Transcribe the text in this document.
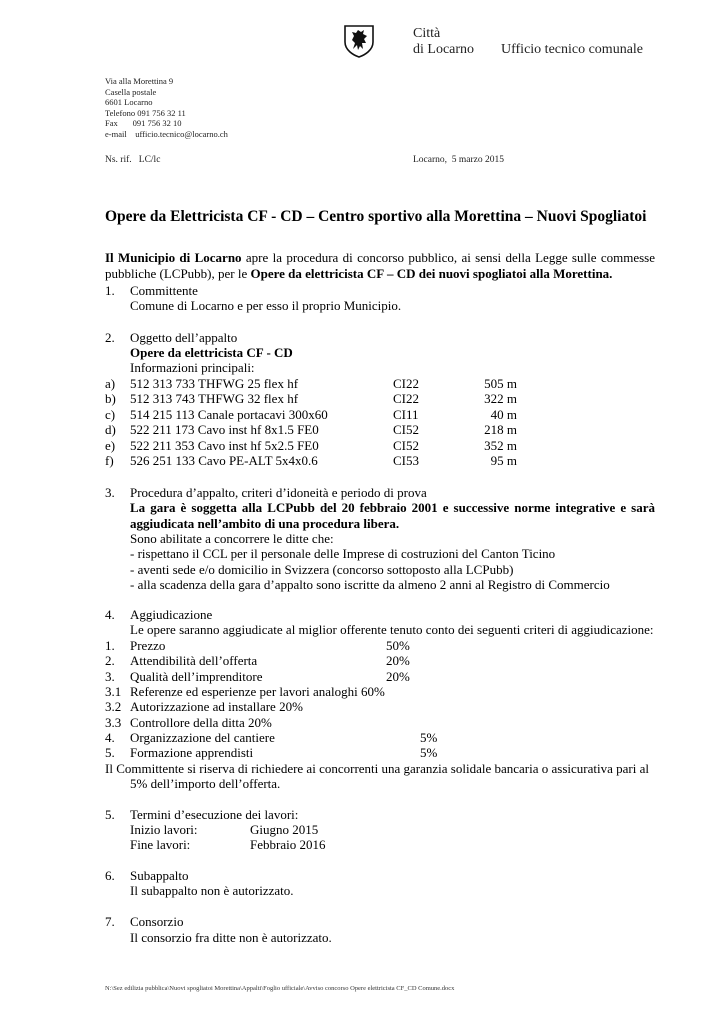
Città
di Locarno Ufficio tecnico comunale
Via alla Morettina 9
Casella postale
6601 Locarno
Telefono 091 756 32 11
Fax       091 756 32 10
e-mail    ufficio.tecnico@locarno.ch
Ns. rif.   LC/lc	Locarno,  5 marzo 2015
Opere da Elettricista CF - CD – Centro sportivo alla Morettina – Nuovi Spogliatoi
Il Municipio di Locarno apre la procedura di concorso pubblico, ai sensi della Legge sulle commesse pubbliche (LCPubb), per le Opere da elettricista CF – CD dei nuovi spogliatoi alla Morettina.
1. Committente
Comune di Locarno e per esso il proprio Municipio.
2. Oggetto dell’appalto
Opere da elettricista CF - CD
Informazioni principali:
a) 512 313 733 THFWG 25 flex hf	CI22	505 m
b) 512 313 743 THFWG 32 flex hf	CI22	322 m
c) 514 215 113 Canale portacavi 300x60	CI11	40 m
d) 522 211 173 Cavo inst hf 8x1.5 FE0	CI52	218 m
e) 522 211 353 Cavo inst hf 5x2.5 FE0	CI52	352 m
f) 526 251 133 Cavo PE-ALT 5x4x0.6	CI53	95 m
3. Procedura d’appalto, criteri d’idoneità e periodo di prova
La gara è soggetta alla LCPubb del 20 febbraio 2001 e successive norme integrative e sarà aggiudicata nell’ambito di una procedura libera.
Sono abilitate a concorrere le ditte che:
- rispettano il CCL per il personale delle Imprese di costruzioni del Canton Ticino
- aventi sede e/o domicilio in Svizzera (concorso sottoposto alla LCPubb)
- alla scadenza della gara d’appalto sono iscritte da almeno 2 anni al Registro di Commercio
4. Aggiudicazione
Le opere saranno aggiudicate al miglior offerente tenuto conto dei seguenti criteri di aggiudicazione:
1. Prezzo	50%
2. Attendibilità dell’offerta	20%
3. Qualità dell’imprenditore	20%
3.1 Referenze ed esperienze per lavori analoghi 60%
3.2 Autorizzazione ad installare 20%
3.3 Controllore della ditta 20%
4. Organizzazione del cantiere	5%
5. Formazione apprendisti	5%
Il Committente si riserva di richiedere ai concorrenti una garanzia solidale bancaria o assicurativa pari al
5% dell’importo dell’offerta.
5. Termini d’esecuzione dei lavori:
Inizio lavori:	Giugno 2015
Fine lavori:	Febbraio 2016
6. Subappalto
Il subappalto non è autorizzato.
7. Consorzio
Il consorzio fra ditte non è autorizzato.
N:\Sez edilizia pubblica\Nuovi spogliatoi Morettina\Appalti\Foglio ufficiale\Avviso concorso Opere elettricista CF_CD Comune.docx
